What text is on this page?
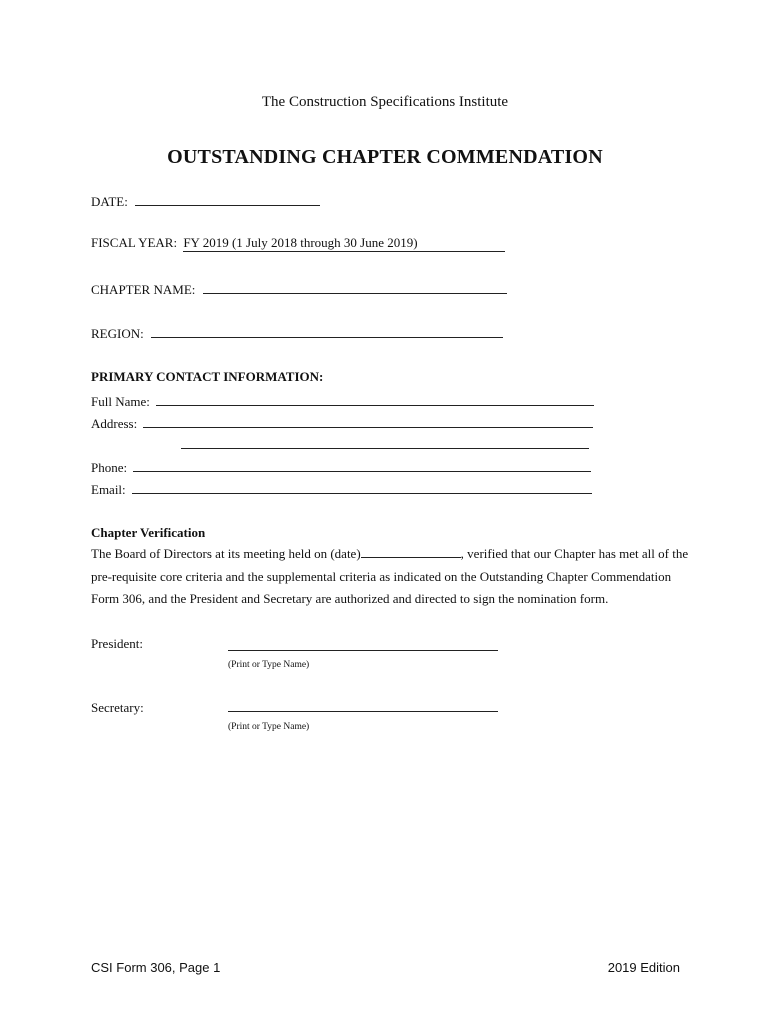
The Construction Specifications Institute
OUTSTANDING CHAPTER COMMENDATION
DATE:
FISCAL YEAR: FY 2019 (1 July 2018 through 30 June 2019)
CHAPTER NAME:
REGION:
PRIMARY CONTACT INFORMATION:
Full Name:
Address:
Phone:
Email:
Chapter Verification
The Board of Directors at its meeting held on (date)	, verified that our Chapter has met all of the
pre-requisite core criteria and the supplemental criteria as indicated on the Outstanding Chapter Commendation
Form 306, and the President and Secretary are authorized and directed to sign the nomination form.
President:
(Print or Type Name)
Secretary:
(Print or Type Name)
CSI Form 306, Page 1	2019 Edition
